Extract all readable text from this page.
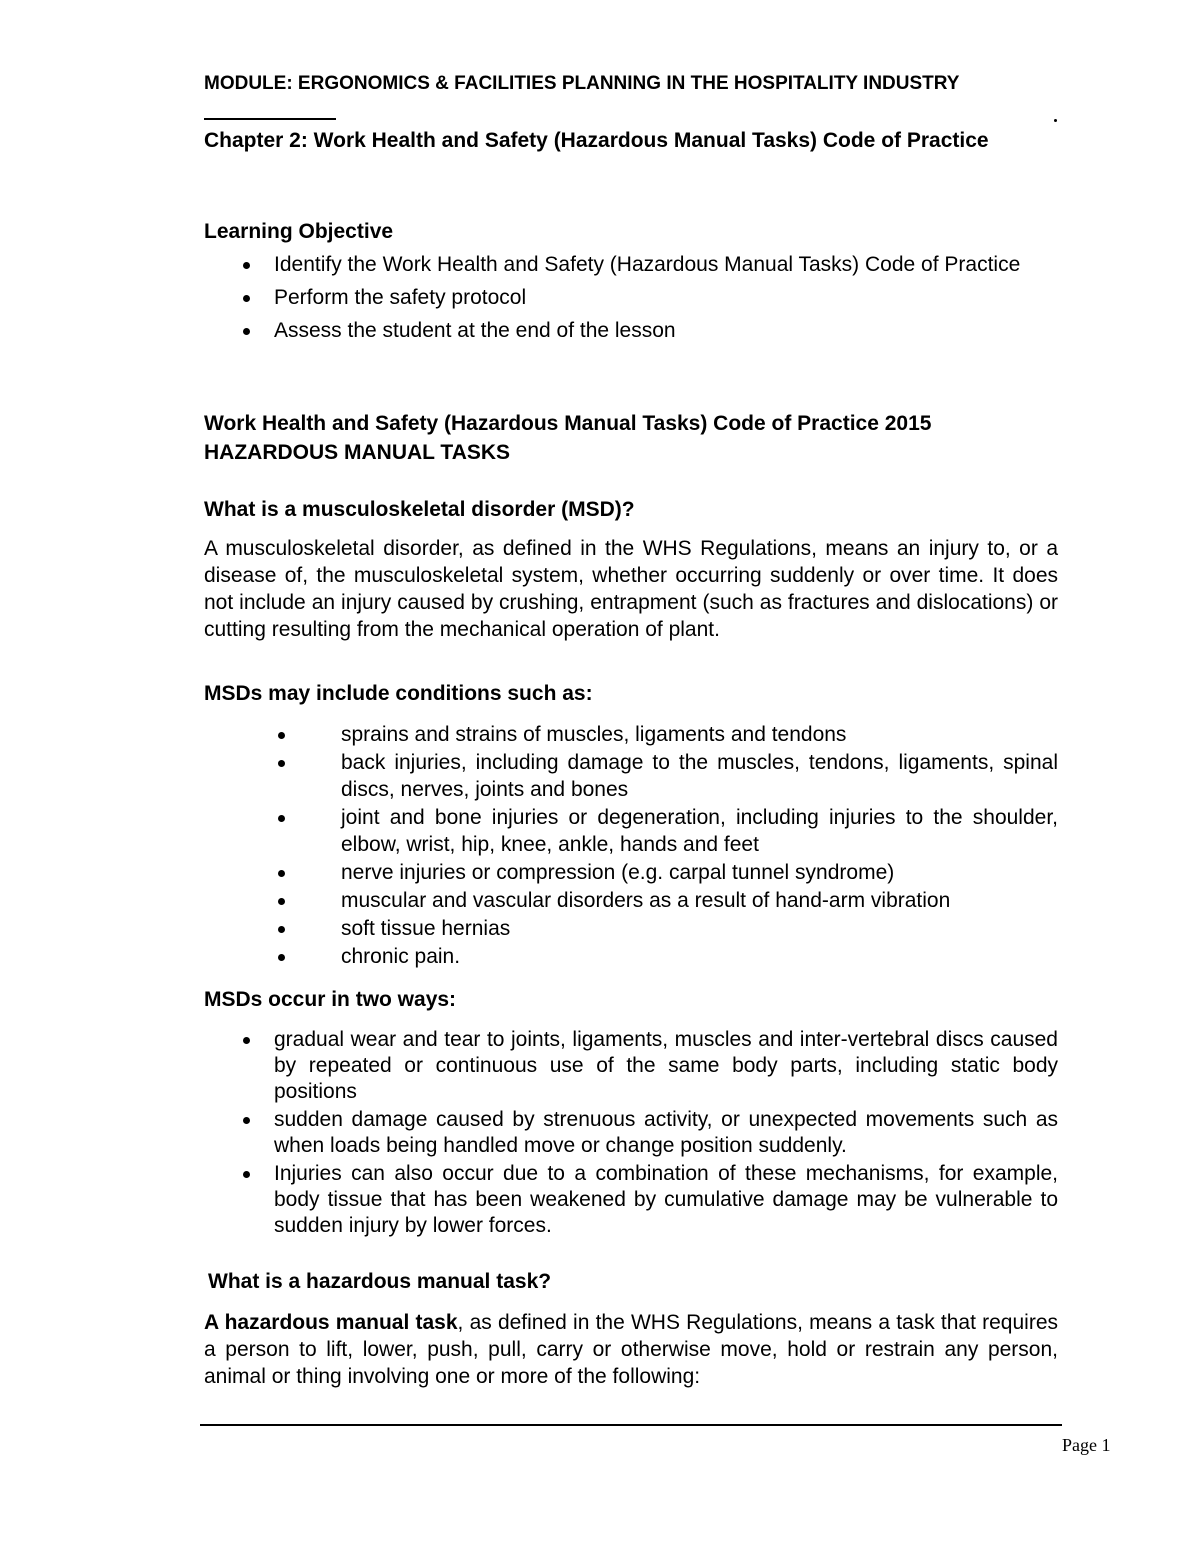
MODULE: ERGONOMICS & FACILITIES PLANNING IN THE HOSPITALITY INDUSTRY
Chapter 2: Work Health and Safety (Hazardous Manual Tasks) Code of Practice
Learning Objective
Identify the Work Health and Safety (Hazardous Manual Tasks) Code of Practice
Perform the safety protocol
Assess the student at the end of the lesson
Work Health and Safety (Hazardous Manual Tasks) Code of Practice 2015
HAZARDOUS MANUAL TASKS
What is a musculoskeletal disorder (MSD)?

A musculoskeletal disorder, as defined in the WHS Regulations, means an injury to, or a disease of, the musculoskeletal system, whether occurring suddenly or over time. It does not include an injury caused by crushing, entrapment (such as fractures and dislocations) or cutting resulting from the mechanical operation of plant.

MSDs may include conditions such as:
sprains and strains of muscles, ligaments and tendons
back injuries, including damage to the muscles, tendons, ligaments, spinal discs, nerves, joints and bones
joint and bone injuries or degeneration, including injuries to the shoulder, elbow, wrist, hip, knee, ankle, hands and feet
nerve injuries or compression (e.g. carpal tunnel syndrome)
muscular and vascular disorders as a result of hand-arm vibration
soft tissue hernias
chronic pain.
MSDs occur in two ways:
gradual wear and tear to joints, ligaments, muscles and inter-vertebral discs caused by repeated or continuous use of the same body parts, including static body positions
sudden damage caused by strenuous activity, or unexpected movements such as when loads being handled move or change position suddenly.
Injuries can also occur due to a combination of these mechanisms, for example, body tissue that has been weakened by cumulative damage may be vulnerable to sudden injury by lower forces.
What is a hazardous manual task?

A hazardous manual task, as defined in the WHS Regulations, means a task that requires a person to lift, lower, push, pull, carry or otherwise move, hold or restrain any person, animal or thing involving one or more of the following:

Page 1
